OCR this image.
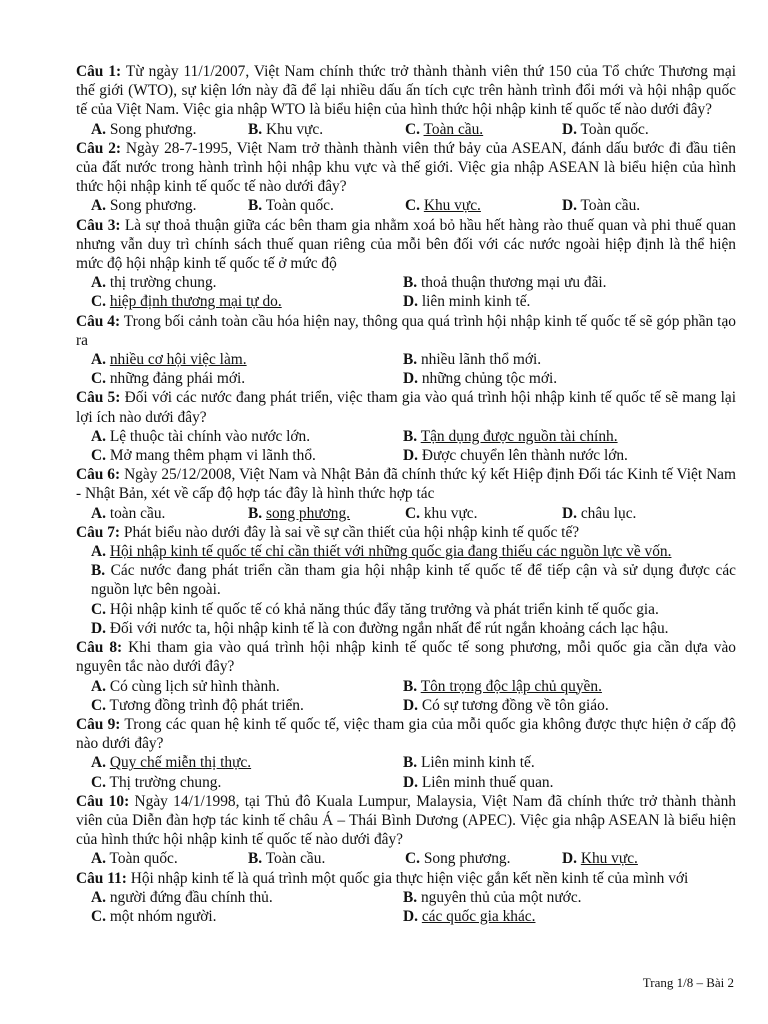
Câu 1: Từ ngày 11/1/2007, Việt Nam chính thức trở thành thành viên thứ 150 của Tổ chức Thương mại thế giới (WTO), sự kiện lớn này đã để lại nhiều dấu ấn tích cực trên hành trình đổi mới và hội nhập quốc tế của Việt Nam. Việc gia nhập WTO là biểu hiện của hình thức hội nhập kinh tế quốc tế nào dưới đây?

A. Song phương.	B. Khu vực.	C. Toàn cầu.	D. Toàn quốc.

Câu 2: Ngày 28-7-1995, Việt Nam trở thành thành viên thứ bảy của ASEAN, đánh dấu bước đi đầu tiên của đất nước trong hành trình hội nhập khu vực và thế giới. Việc gia nhập ASEAN là biểu hiện của hình thức hội nhập kinh tế quốc tế nào dưới đây?

A. Song phương.	B. Toàn quốc.	C. Khu vực.	D. Toàn cầu.

Câu 3: Là sự thoả thuận giữa các bên tham gia nhằm xoá bỏ hầu hết hàng rào thuế quan và phi thuế quan nhưng vẫn duy trì chính sách thuế quan riêng của mỗi bên đối với các nước ngoài hiệp định là thể hiện mức độ hội nhập kinh tế quốc tế ở mức độ

A. thị trường chung.	B. thoả thuận thương mại ưu đãi.
C. hiệp định thương mại tự do.	D. liên minh kinh tế.

Câu 4: Trong bối cảnh toàn cầu hóa hiện nay, thông qua quá trình hội nhập kinh tế quốc tế sẽ góp phần tạo ra

A. nhiều cơ hội việc làm.	B. nhiều lãnh thổ mới.
C. những đảng phái mới.	D. những chủng tộc mới.

Câu 5: Đối với các nước đang phát triển, việc tham gia vào quá trình hội nhập kinh tế quốc tế sẽ mang lại lợi ích nào dưới đây?

A. Lệ thuộc tài chính vào nước lớn.	B. Tận dụng được nguồn tài chính.
C. Mở mang thêm phạm vi lãnh thổ.	D. Được chuyển lên thành nước lớn.

Câu 6: Ngày 25/12/2008, Việt Nam và Nhật Bản đã chính thức ký kết Hiệp định Đối tác Kinh tế Việt Nam - Nhật Bản, xét về cấp độ hợp tác đây là hình thức hợp tác

A. toàn cầu.	B. song phương.	C. khu vực.	D. châu lục.

Câu 7: Phát biểu nào dưới đây là sai về sự cần thiết của hội nhập kinh tế quốc tế?

A. Hội nhập kinh tế quốc tế chỉ cần thiết với những quốc gia đang thiếu các nguồn lực về vốn.
B. Các nước đang phát triển cần tham gia hội nhập kinh tế quốc tế để tiếp cận và sử dụng được các nguồn lực bên ngoài.
C. Hội nhập kinh tế quốc tế có khả năng thúc đẩy tăng trưởng và phát triển kinh tế quốc gia.
D. Đối với nước ta, hội nhập kinh tế là con đường ngắn nhất để rút ngắn khoảng cách lạc hậu.

Câu 8: Khi tham gia vào quá trình hội nhập kinh tế quốc tế song phương, mỗi quốc gia cần dựa vào nguyên tắc nào dưới đây?

A. Có cùng lịch sử hình thành.	B. Tôn trọng độc lập chủ quyền.
C. Tương đồng trình độ phát triển.	D. Có sự tương đồng về tôn giáo.

Câu 9: Trong các quan hệ kinh tế quốc tế, việc tham gia của mỗi quốc gia không được thực hiện ở cấp độ nào dưới đây?

A. Quy chế miễn thị thực.	B. Liên minh kinh tế.
C. Thị trường chung.	D. Liên minh thuế quan.

Câu 10: Ngày 14/1/1998, tại Thủ đô Kuala Lumpur, Malaysia, Việt Nam đã chính thức trở thành thành viên của Diễn đàn hợp tác kinh tế châu Á – Thái Bình Dương (APEC). Việc gia nhập ASEAN là biểu hiện của hình thức hội nhập kinh tế quốc tế nào dưới đây?

A. Toàn quốc.	B. Toàn cầu.	C. Song phương.	D. Khu vực.

Câu 11: Hội nhập kinh tế là quá trình một quốc gia thực hiện việc gắn kết nền kinh tế của mình với

A. người đứng đầu chính thủ.	B. nguyên thủ của một nước.
C. một nhóm người.	D. các quốc gia khác.
Trang 1/8 – Bài 2
